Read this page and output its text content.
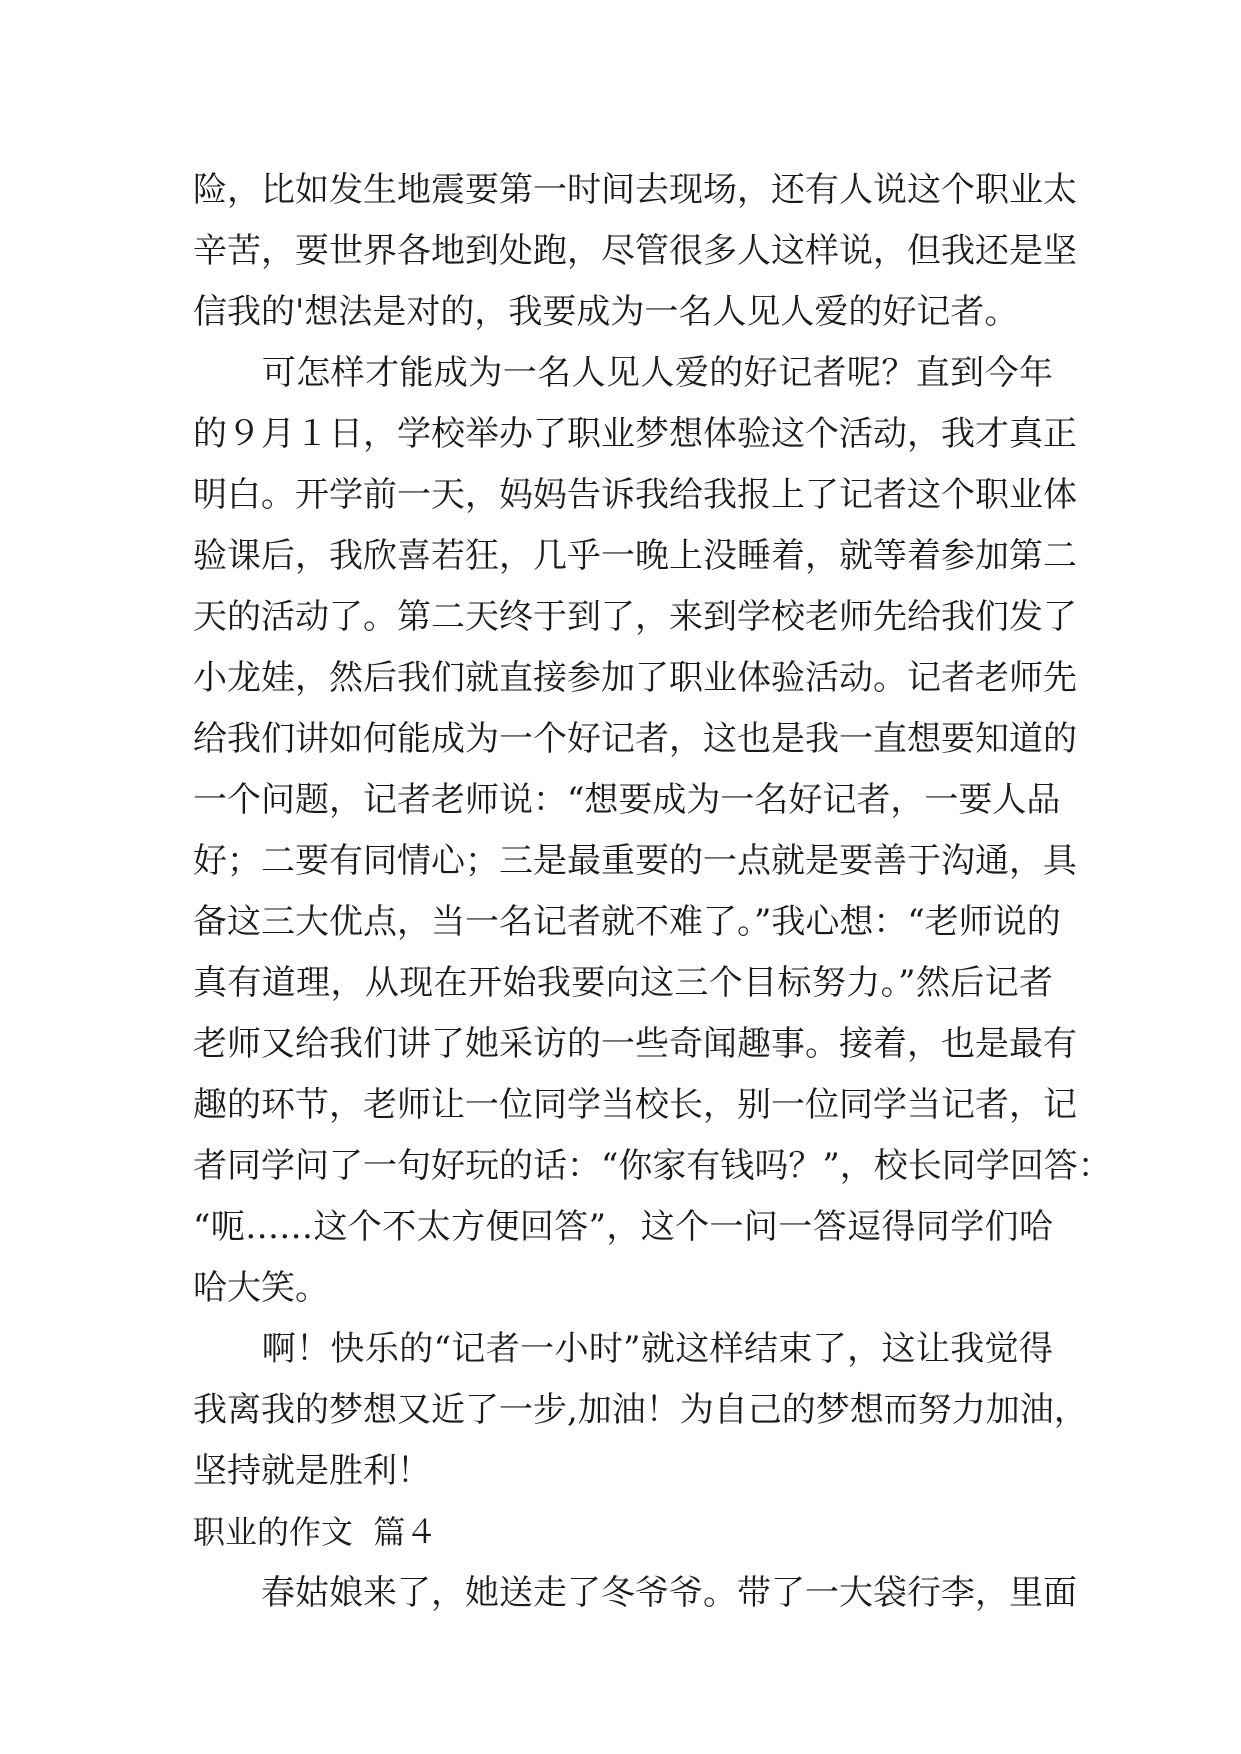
险，比如发生地震要第一时间去现场，还有人说这个职业太
辛苦，要世界各地到处跑，尽管很多人这样说，但我还是坚
信我的'想法是对的，我要成为一名人见人爱的好记者。
　　可怎样才能成为一名人见人爱的好记者呢？直到今年
的９月１日，学校举办了职业梦想体验这个活动，我才真正
明白。开学前一天，妈妈告诉我给我报上了记者这个职业体
验课后，我欣喜若狂，几乎一晚上没睡着，就等着参加第二
天的活动了。第二天终于到了，来到学校老师先给我们发了
小龙娃，然后我们就直接参加了职业体验活动。记者老师先
给我们讲如何能成为一个好记者，这也是我一直想要知道的
一个问题，记者老师说：“想要成为一名好记者，一要人品
好；二要有同情心；三是最重要的一点就是要善于沟通，具
备这三大优点，当一名记者就不难了。”我心想：“老师说的
真有道理，从现在开始我要向这三个目标努力。”然后记者
老师又给我们讲了她采访的一些奇闻趣事。接着，也是最有
趣的环节，老师让一位同学当校长，别一位同学当记者，记
者同学问了一句好玩的话：“你家有钱吗？”，校长同学回答：
“呃……这个不太方便回答”，这个一问一答逗得同学们哈
哈大笑。
　　啊！快乐的“记者一小时”就这样结束了，这让我觉得
我离我的梦想又近了一步,加油！为自己的梦想而努力加油，
坚持就是胜利！
职业的作文  篇４
　　春姑娘来了，她送走了冬爷爷。带了一大袋行李，里面
